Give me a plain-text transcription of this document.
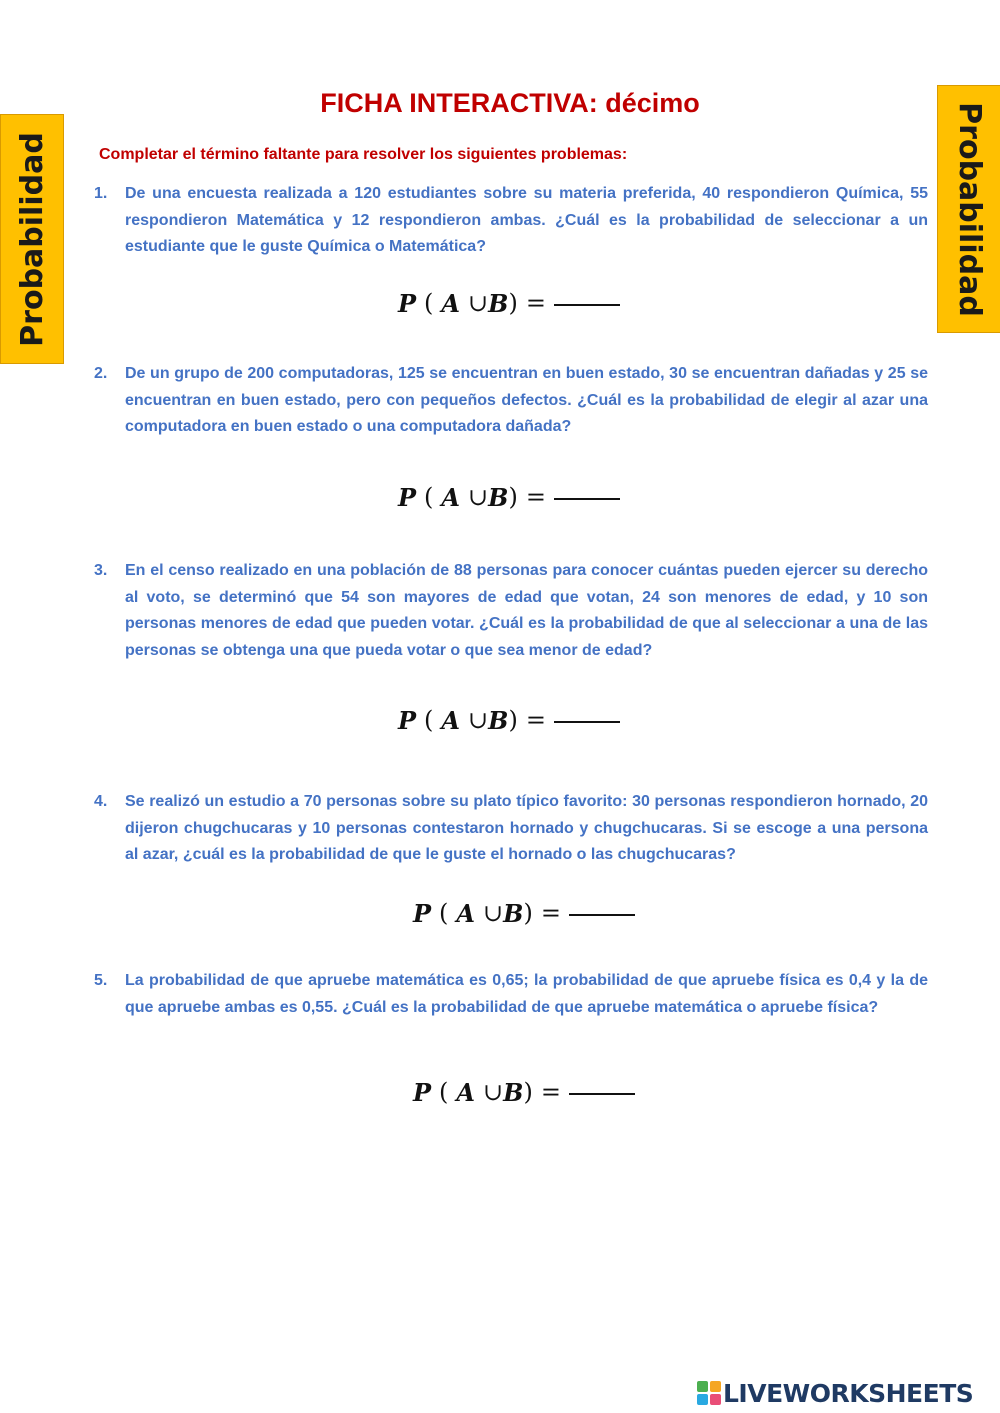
Probabilidad	Probabilidad
FICHA INTERACTIVA: décimo
Completar el término faltante para resolver los siguientes problemas:
1. De una encuesta realizada a 120 estudiantes sobre su materia preferida, 40 respondieron Química, 55 respondieron Matemática y 12 respondieron ambas. ¿Cuál es la probabilidad de seleccionar a un estudiante que le guste Química o Matemática?
P ( A ∪ B ) =
2. De un grupo de 200 computadoras, 125 se encuentran en buen estado, 30 se encuentran dañadas y 25 se encuentran en buen estado, pero con pequeños defectos. ¿Cuál es la probabilidad de elegir al azar una computadora en buen estado o una computadora dañada?
P ( A ∪ B ) =
3. En el censo realizado en una población de 88 personas para conocer cuántas pueden ejercer su derecho al voto, se determinó que 54 son mayores de edad que votan, 24 son menores de edad, y 10 son personas menores de edad que pueden votar. ¿Cuál es la probabilidad de que al seleccionar a una de las personas se obtenga una que pueda votar o que sea menor de edad?
P ( A ∪ B ) =
4. Se realizó un estudio a 70 personas sobre su plato típico favorito: 30 personas respondieron hornado, 20 dijeron chugchucaras y 10 personas contestaron hornado y chugchucaras. Si se escoge a una persona al azar, ¿cuál es la probabilidad de que le guste el hornado o las chugchucaras?
P ( A ∪ B ) =
5. La probabilidad de que apruebe matemática es 0,65; la probabilidad de que apruebe física es 0,4 y la de que apruebe ambas es 0,55. ¿Cuál es la probabilidad de que apruebe matemática o apruebe física?
P ( A ∪ B ) =
LIVEWORKSHEETS
